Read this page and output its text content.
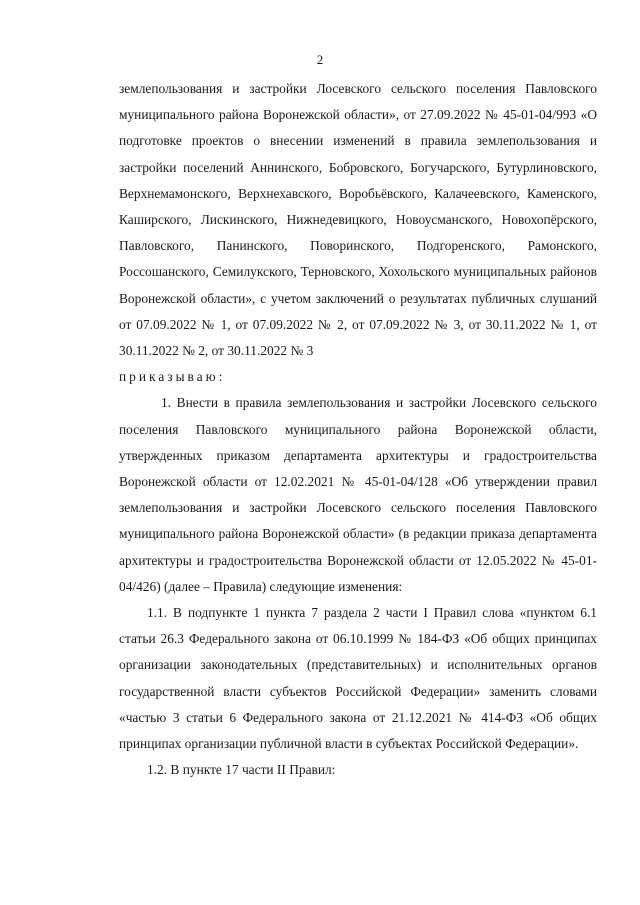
2

землепользования и застройки Лосевского сельского поселения Павловского муниципального района Воронежской области», от 27.09.2022 № 45-01-04/993 «О подготовке проектов о внесении изменений в правила землепользования и застройки поселений Аннинского, Бобровского, Богучарского, Бутурлиновского, Верхнемамонского, Верхнехавского, Воробьёвского, Калачеевского, Каменского, Каширского, Лискинского, Нижнедевицкого, Новоусманского, Новохопёрского, Павловского, Панинского, Поворинского, Подгоренского, Рамонского, Россошанского, Семилукского, Терновского, Хохольского муниципальных районов Воронежской области», с учетом заключений о результатах публичных слушаний от 07.09.2022 № 1, от 07.09.2022 № 2, от 07.09.2022 № 3, от 30.11.2022 № 1, от 30.11.2022 № 2, от 30.11.2022 № 3

приказываю:

1. Внести в правила землепользования и застройки Лосевского сельского поселения Павловского муниципального района Воронежской области, утвержденных приказом департамента архитектуры и градостроительства Воронежской области от 12.02.2021 № 45-01-04/128 «Об утверждении правил землепользования и застройки Лосевского сельского поселения Павловского муниципального района Воронежской области» (в редакции приказа департамента архитектуры и градостроительства Воронежской области от 12.05.2022 № 45-01-04/426) (далее – Правила) следующие изменения:

1.1. В подпункте 1 пункта 7 раздела 2 части I Правил слова «пунктом 6.1 статьи 26.3 Федерального закона от 06.10.1999 № 184-ФЗ «Об общих принципах организации законодательных (представительных) и исполнительных органов государственной власти субъектов Российской Федерации» заменить словами «частью 3 статьи 6 Федерального закона от 21.12.2021 № 414-ФЗ «Об общих принципах организации публичной власти в субъектах Российской Федерации».

1.2. В пункте 17 части II Правил:
